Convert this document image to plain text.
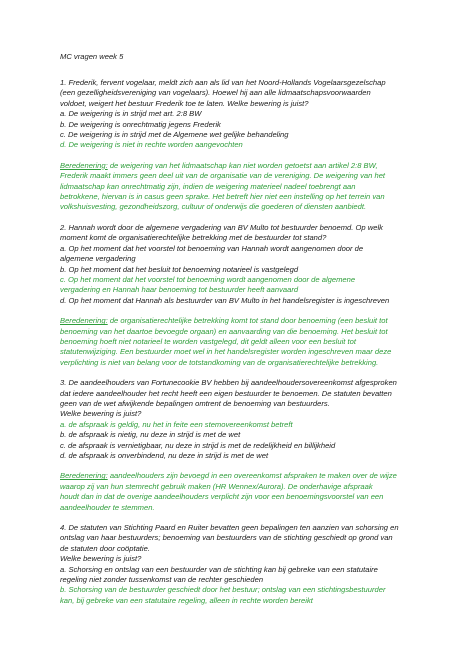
MC vragen week 5
1. Frederik, fervent vogelaar, meldt zich aan als lid van het Noord-Hollands Vogelaarsgezelschap
(een gezelligheidsvereniging van vogelaars). Hoewel hij aan alle lidmaatschapsvoorwaarden
voldoet, weigert het bestuur Frederik toe te laten. Welke bewering is juist?
a. De weigering is in strijd met art. 2:8 BW
b. De weigering is onrechtmatig jegens Frederik
c. De weigering is in strijd met de Algemene wet gelijke behandeling
d. De weigering is niet in rechte worden aangevochten
Beredenering: de weigering van het lidmaatschap kan niet worden getoetst aan artikel 2:8 BW,
Frederik maakt immers geen deel uit van de organisatie van de vereniging. De weigering van het
lidmaatschap kan onrechtmatig zijn, indien de weigering materieel nadeel toebrengt aan
betrokkene, hiervan is in casus geen sprake. Het betreft hier niet een instelling op het terrein van
volkshuisvesting, gezondheidszorg, cultuur of onderwijs die goederen of diensten aanbiedt.
2. Hannah wordt door de algemene vergadering van BV Multo tot bestuurder benoemd. Op welk
moment komt de organisatierechtelijke betrekking met de bestuurder tot stand?
a. Op het moment dat het voorstel tot benoeming van Hannah wordt aangenomen door de
algemene vergadering
b. Op het moment dat het besluit tot benoeming notarieel is vastgelegd
c. Op het moment dat het voorstel tot benoeming wordt aangenomen door de algemene
vergadering en Hannah haar benoeming tot bestuurder heeft aanvaard
d. Op het moment dat Hannah als bestuurder van BV Multo in het handelsregister is ingeschreven
Beredenering: de organisatierechtelijke betrekking komt tot stand door benoeming (een besluit tot
benoeming van het daartoe bevoegde orgaan) en aanvaarding van die benoeming. Het besluit tot
benoeming hoeft niet notarieel te worden vastgelegd, dit geldt alleen voor een besluit tot
statutenwijziging. Een bestuurder moet wel in het handelsregister worden ingeschreven maar deze
verplichting is niet van belang voor de totstandkoming van de organisatierechtelijke betrekking.
3. De aandeelhouders van Fortunecookie BV hebben bij aandeelhoudersovereenkomst afgesproken
dat iedere aandeelhouder het recht heeft een eigen bestuurder te benoemen. De statuten bevatten
geen van de wet afwijkende bepalingen omtrent de benoeming van bestuurders.
Welke bewering is juist?
a. de afspraak is geldig, nu het in feite een stemovereenkomst betreft
b. de afspraak is nietig, nu deze in strijd is met de wet
c. de afspraak is vernietigbaar, nu deze in strijd is met de redelijkheid en billijkheid
d. de afspraak is onverbindend, nu deze in strijd is met de wet
Beredenering: aandeelhouders zijn bevoegd in een overeenkomst afspraken te maken over de wijze
waarop zij van hun stemrecht gebruik maken (HR Wennex/Aurora). De onderhavige afspraak
houdt dan in dat de overige aandeelhouders verplicht zijn voor een benoemingsvoorstel van een
aandeelhouder te stemmen.
4. De statuten van Stichting Paard en Ruiter bevatten geen bepalingen ten aanzien van schorsing en
ontslag van haar bestuurders; benoeming van bestuurders van de stichting geschiedt op grond van
de statuten door coöptatie.
Welke bewering is juist?
a. Schorsing en ontslag van een bestuurder van de stichting kan bij gebreke van een statutaire
regeling niet zonder tussenkomst van de rechter geschieden
b. Schorsing van de bestuurder geschiedt door het bestuur; ontslag van een stichtingsbestuurder
kan, bij gebreke van een statutaire regeling, alleen in rechte worden bereikt
